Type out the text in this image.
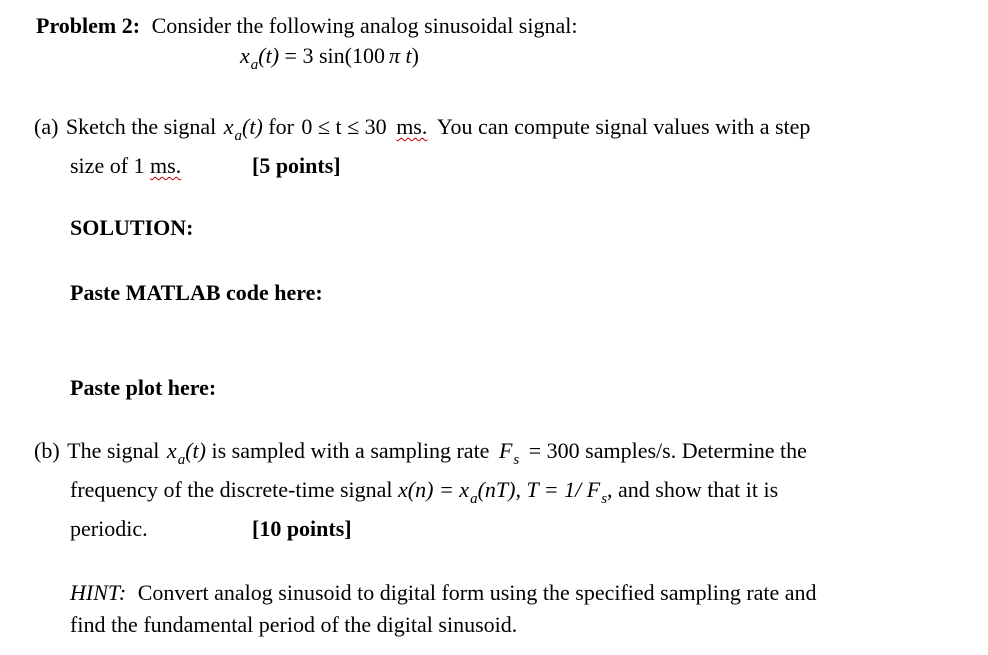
Problem 2: Consider the following analog sinusoidal signal:
$x_a(t) = 3$ sin(100 π t)
(a) Sketch the signal $x_a(t)$ for 0 ≤ t ≤ 30 ms. You can compute signal values with a step
size of 1 ms.	[5 points]
SOLUTION:
Paste MATLAB code here:
Paste plot here:
(b) The signal $x_a(t)$ is sampled with a sampling rate $F_s = 300$ samples/s. Determine the
frequency of the discrete-time signal $x(n) = x_a(nT)$, T = 1/ $F_s$, and show that it is
periodic.	[10 points]
HINT: Convert analog sinusoid to digital form using the specified sampling rate and
find the fundamental period of the digital sinusoid.
